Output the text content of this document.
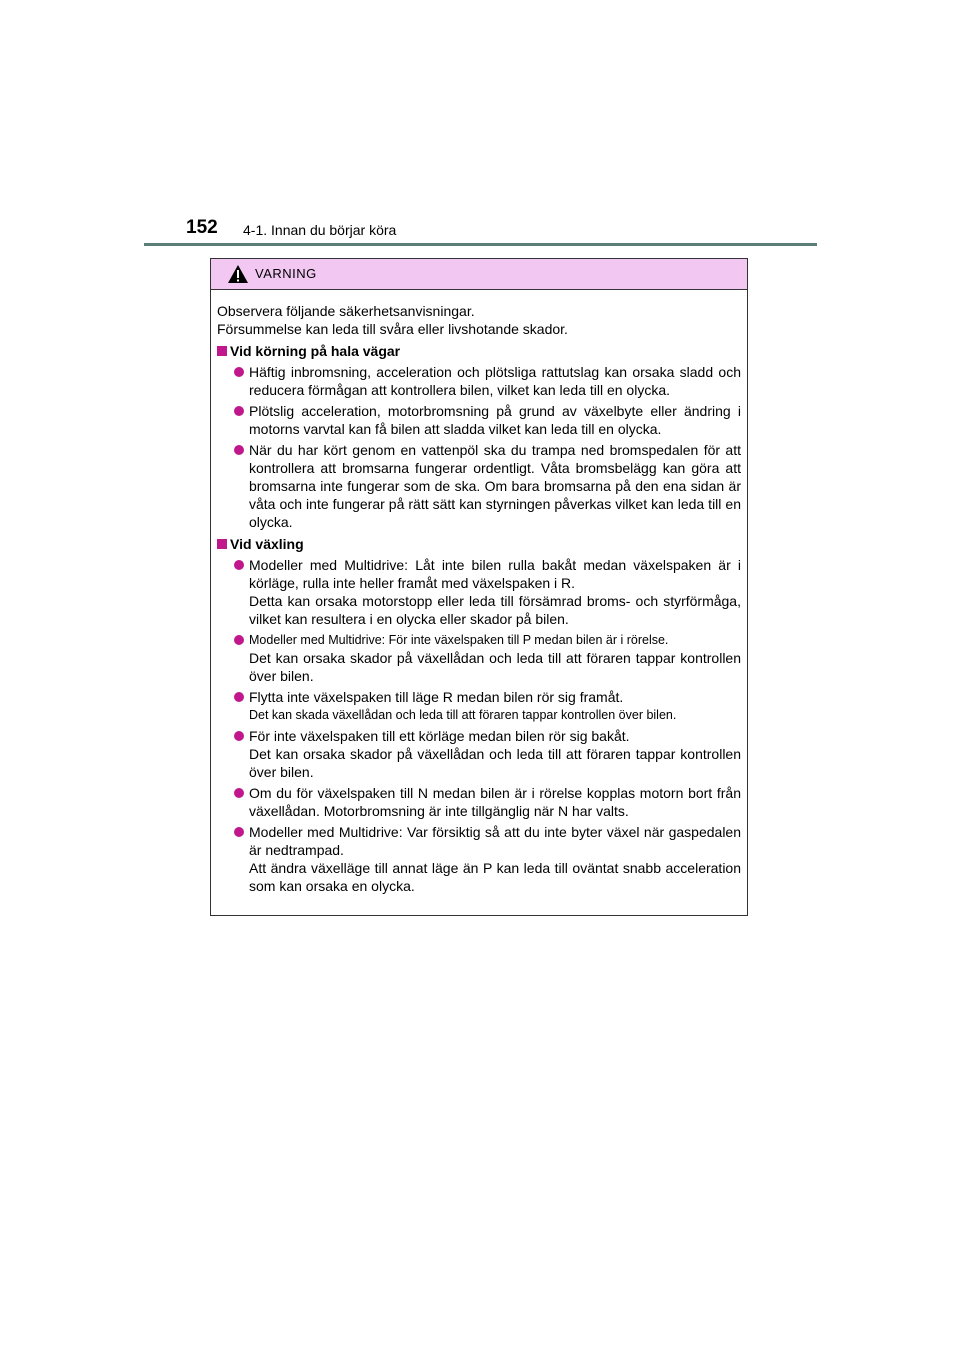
152 4-1. Innan du börjar köra
VARNING
Observera följande säkerhetsanvisningar.
Försummelse kan leda till svåra eller livshotande skador.
Vid körning på hala vägar
Häftig inbromsning, acceleration och plötsliga rattutslag kan orsaka sladd och reducera förmågan att kontrollera bilen, vilket kan leda till en olycka.
Plötslig acceleration, motorbromsning på grund av växelbyte eller ändring i motorns varvtal kan få bilen att sladda vilket kan leda till en olycka.
När du har kört genom en vattenpöl ska du trampa ned bromspedalen för att kontrollera att bromsarna fungerar ordentligt. Våta bromsbelägg kan göra att bromsarna inte fungerar som de ska. Om bara bromsarna på den ena sidan är våta och inte fungerar på rätt sätt kan styrningen påverkas vilket kan leda till en olycka.
Vid växling
Modeller med Multidrive: Låt inte bilen rulla bakåt medan växelspaken är i körläge, rulla inte heller framåt med växelspaken i R.
Detta kan orsaka motorstopp eller leda till försämrad broms- och styrförmåga, vilket kan resultera i en olycka eller skador på bilen.
Modeller med Multidrive: För inte växelspaken till P medan bilen är i rörelse.
Det kan orsaka skador på växellådan och leda till att föraren tappar kontrollen över bilen.
Flytta inte växelspaken till läge R medan bilen rör sig framåt.
Det kan skada växellådan och leda till att föraren tappar kontrollen över bilen.
För inte växelspaken till ett körläge medan bilen rör sig bakåt.
Det kan orsaka skador på växellådan och leda till att föraren tappar kontrollen över bilen.
Om du för växelspaken till N medan bilen är i rörelse kopplas motorn bort från växellådan. Motorbromsning är inte tillgänglig när N har valts.
Modeller med Multidrive: Var försiktig så att du inte byter växel när gaspedalen är nedtrampad.
Att ändra växelläge till annat läge än P kan leda till oväntat snabb acceleration som kan orsaka en olycka.
